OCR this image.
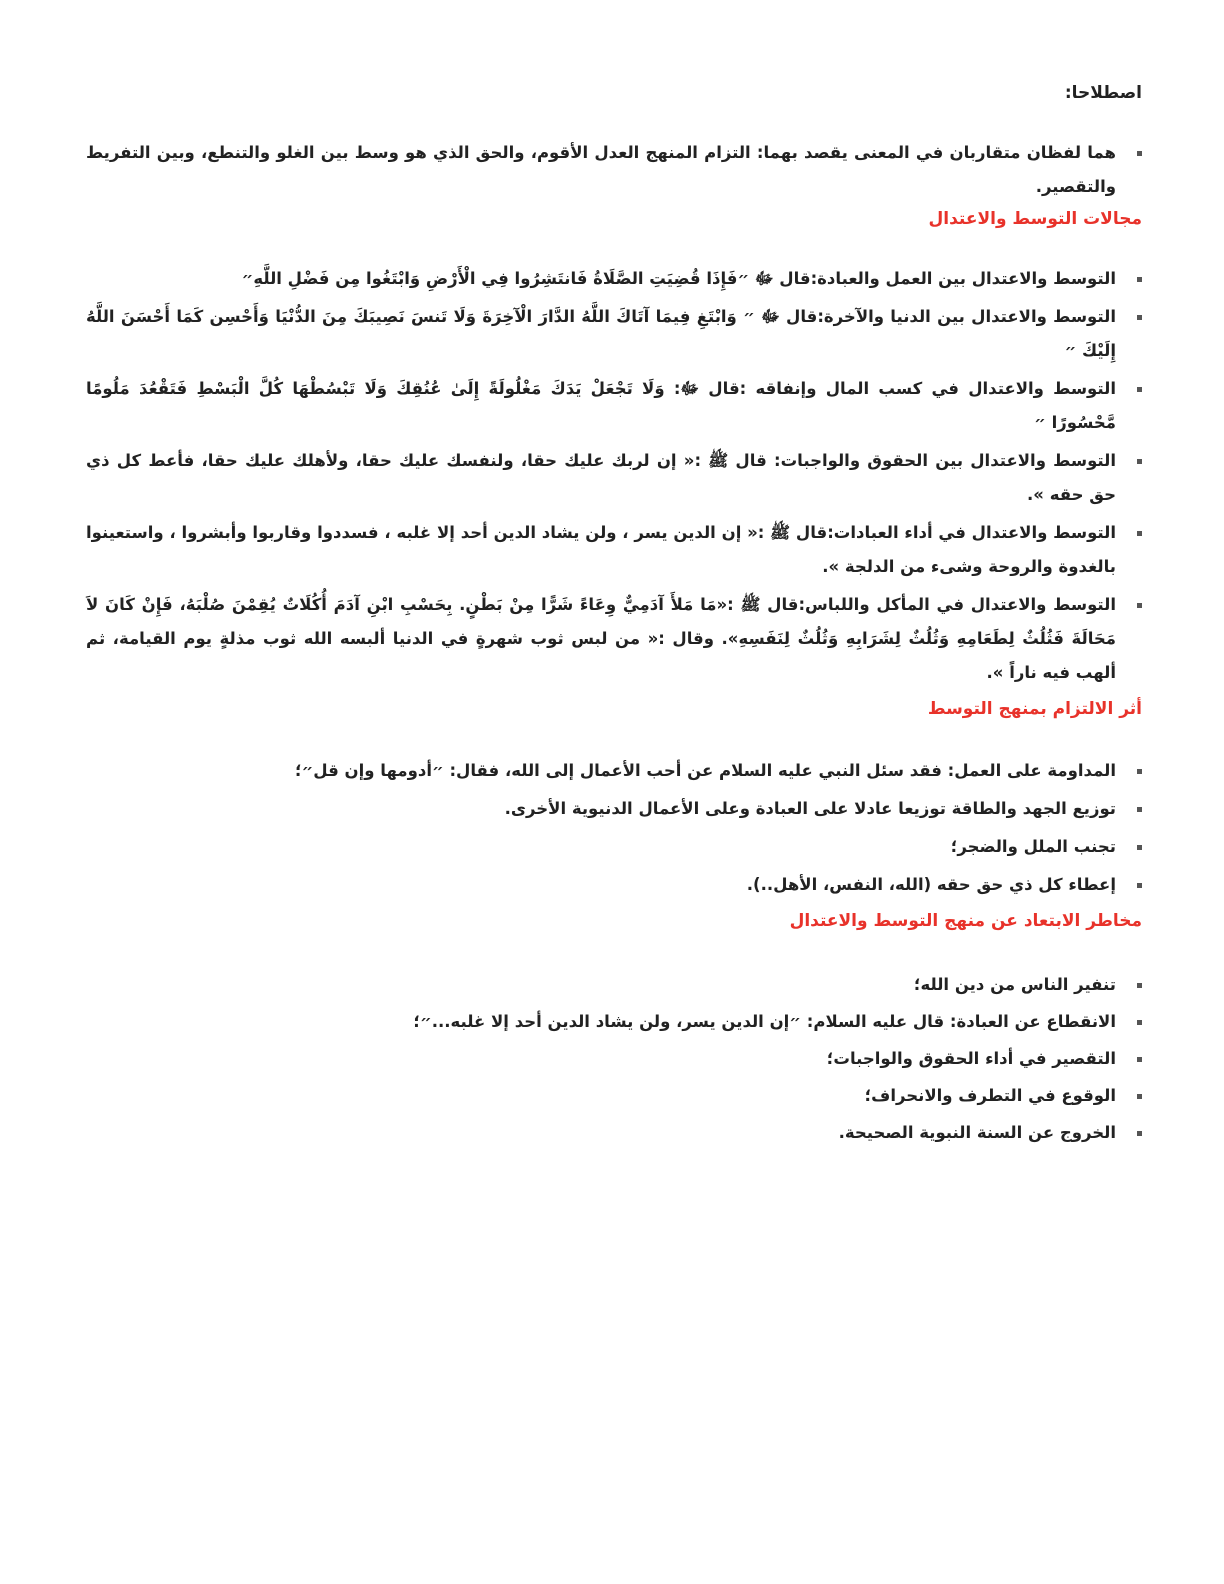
اصطلاحا:

هما لفظان متقاربان في المعنى يقصد بهما: التزام المنهج العدل الأقوم، والحق الذي هو وسط بين الغلو والتنطع، وبين التفريط والتقصير.
مجالات التوسط والاعتدال
التوسط والاعتدال بين العمل والعبادة:قال ﷻ ״فَإِذَا قُضِيَتِ الصَّلَاةُ فَانتَشِرُوا فِي الْأَرْضِ وَابْتَغُوا مِن فَضْلِ اللَّهِ״
التوسط والاعتدال بين الدنيا والآخرة:قال ﷻ ״ وَابْتَغِ فِيمَا آتَاكَ اللَّهُ الدَّارَ الْآخِرَةَ وَلَا تَنسَ نَصِيبَكَ مِنَ الدُّنْيَا وَأَحْسِن كَمَا أَحْسَنَ اللَّهُ إِلَيْكَ ״
التوسط والاعتدال في كسب المال وإنفاقه :قال ﷻ: وَلَا تَجْعَلْ يَدَكَ مَغْلُولَةً إِلَىٰ عُنُقِكَ وَلَا تَبْسُطْهَا كُلَّ الْبَسْطِ فَتَقْعُدَ مَلُومًا مَّحْسُورًا ״
التوسط والاعتدال بين الحقوق والواجبات: قال ﷺ :« إن لربك عليك حقا، ولنفسك عليك حقا، ولأهلك عليك حقا، فأعط كل ذي حق حقه ».
التوسط والاعتدال في أداء العبادات:قال ﷺ :« إن الدين يسر ، ولن يشاد الدين أحد إلا غلبه ، فسددوا وقاربوا وأبشروا ، واستعينوا بالغدوة والروحة وشىء من الدلجة ».
التوسط والاعتدال في المأكل واللباس:قال ﷺ :«مَا مَلأَ آدَمِيٌّ وِعَاءً شَرًّا مِنْ بَطْنٍ. بِحَسْبِ ابْنِ آدَمَ أُكُلَاتٌ يُقِمْنَ صُلْبَهُ، فَإِنْ كَانَ لاَ مَحَالَةَ فَثُلُثٌ لِطَعَامِهِ وَثُلُثٌ لِشَرَابِهِ وَثُلُثٌ لِنَفَسِهِ». وقال :« من لبس ثوب شهرةٍ في الدنيا ألبسه الله ثوب مذلةٍ يوم القيامة، ثم ألهب فيه ناراً ».
أثر الالتزام بمنهج التوسط
المداومة على العمل: فقد سئل النبي عليه السلام عن أحب الأعمال إلى الله، فقال: ״أدومها وإن قل״؛
توزيع الجهد والطاقة توزيعا عادلا على العبادة وعلى الأعمال الدنيوية الأخرى.
تجنب الملل والضجر؛
إعطاء كل ذي حق حقه (الله، النفس، الأهل..).
مخاطر الابتعاد عن منهج التوسط والاعتدال
تنفير الناس من دين الله؛
الانقطاع عن العبادة: قال عليه السلام: ״إن الدين يسر، ولن يشاد الدين أحد إلا غلبه...״؛
التقصير في أداء الحقوق والواجبات؛
الوقوع في التطرف والانحراف؛
الخروج عن السنة النبوية الصحيحة.
